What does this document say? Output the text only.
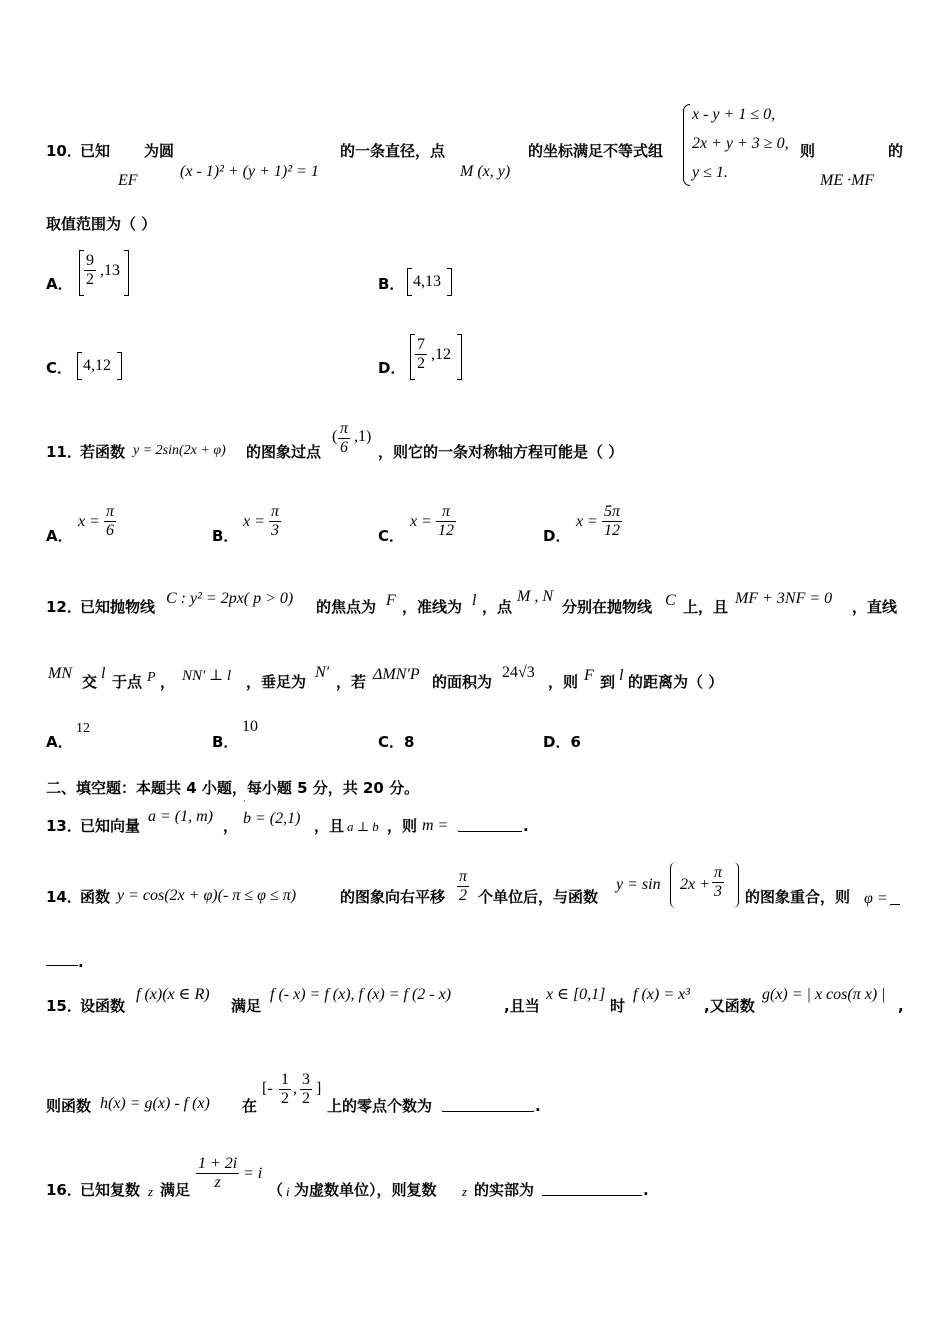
10．
已知
EF
为圆
(x - 1)² + (y + 1)² = 1
的一条直径，点
M (x, y)
的坐标满足不等式组
x - y + 1 ≤ 0,
2x + y + 3 ≥ 0,
y ≤ 1.
则
ME ·MF
的
取值范围为（ ）
A． $\frac{9}{2} ,13$
B． 4,13
C． 4,12	D． $\frac{7}{2} ,12$
11．
若函数 y = 2sin(2x + φ) 的图象过点
( $\frac{\pi}{6} ,1$)
，则它的一条对称轴方程可能是（ ）
A．
$x = \frac{\pi}{6}$	B．
$x = \frac{\pi}{3}$	C．
$x = \frac{\pi}{12}$	D．
$x = \frac{5\pi}{12}$
12．
已知抛物线 C : y² = 2px( p > 0) 的焦点为 F ，准线为 l ，点
M , N
分别在抛物线 C 上，且 MF + 3NF = 0 ，直线
MN 交 l 于点 P ， NN′ ⊥ l ，垂足为
N′
，若 ΔMN′P 的面积为
24√3
，则 F 到 l 的距离为（ ）
A．
12
B．
10
C．8	D．6
二、填空题：本题共 4 小题，每小题 5 分，共 20 分。
13．
已知向量
a = (1, m)
，
ˈ
b = (2,1) ，且 a ⊥ b ，则 m =	.
14．
函数 y = cos(2x + φ)(- π ≤ φ ≤ π)	的图象向右平移 $\frac{\pi}{2}$ 个单位后，与函数
$y = \sin 2x + \frac{\pi}{3}$ 的图象重合，则 φ =
.
15．
设函数
f (x)(x ∈ R)
满足
f (- x) = f (x), f (x) = f (2 - x)
,且当
x ∈ [0,1]
时
f (x) = x³
,又函数
g(x) = | x cos(π x) |
,
则函数 h(x) = g(x) - f (x) 在
[- $\frac{1}{2}$ , $\frac{3}{2}$ ]
上的零点个数为	.
16．
已知复数 z 满足 $\frac{1 + 2i}{z} = i$
（ i 为虚数单位），则复数 z 的实部为	.
